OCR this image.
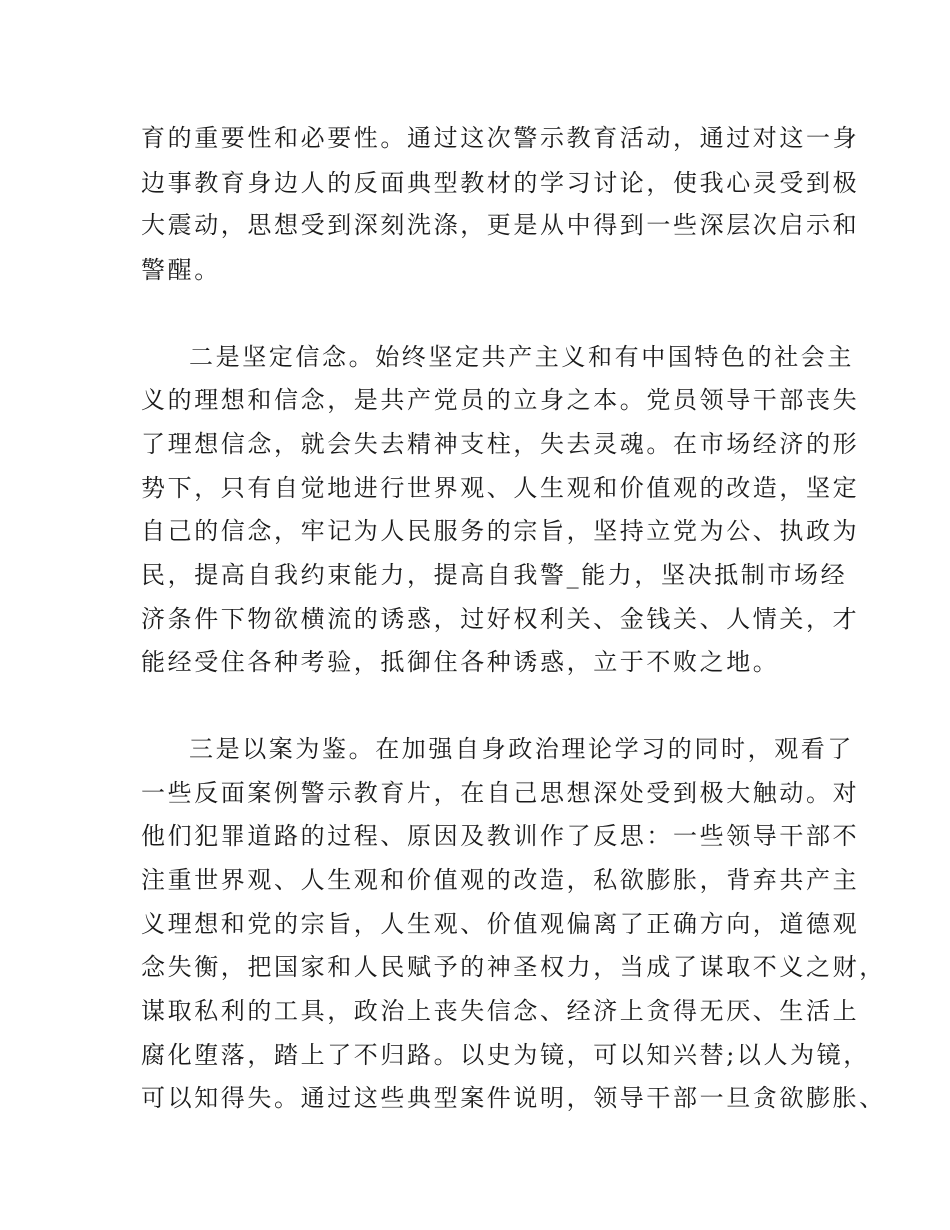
育的重要性和必要性。通过这次警示教育活动，通过对这一身
边事教育身边人的反面典型教材的学习讨论，使我心灵受到极
大震动，思想受到深刻洗涤，更是从中得到一些深层次启示和
警醒。
二是坚定信念。始终坚定共产主义和有中国特色的社会主
义的理想和信念，是共产党员的立身之本。党员领导干部丧失
了理想信念，就会失去精神支柱，失去灵魂。在市场经济的形
势下，只有自觉地进行世界观、人生观和价值观的改造，坚定
自己的信念，牢记为人民服务的宗旨，坚持立党为公、执政为
民，提高自我约束能力，提高自我警_能力，坚决抵制市场经
济条件下物欲横流的诱惑，过好权利关、金钱关、人情关，才
能经受住各种考验，抵御住各种诱惑，立于不败之地。
三是以案为鉴。在加强自身政治理论学习的同时，观看了
一些反面案例警示教育片，在自己思想深处受到极大触动。对
他们犯罪道路的过程、原因及教训作了反思：一些领导干部不
注重世界观、人生观和价值观的改造，私欲膨胀，背弃共产主
义理想和党的宗旨，人生观、价值观偏离了正确方向，道德观
念失衡，把国家和人民赋予的神圣权力，当成了谋取不义之财，
谋取私利的工具，政治上丧失信念、经济上贪得无厌、生活上
腐化堕落，踏上了不归路。以史为镜，可以知兴替;以人为镜，
可以知得失。通过这些典型案件说明，领导干部一旦贪欲膨胀、
